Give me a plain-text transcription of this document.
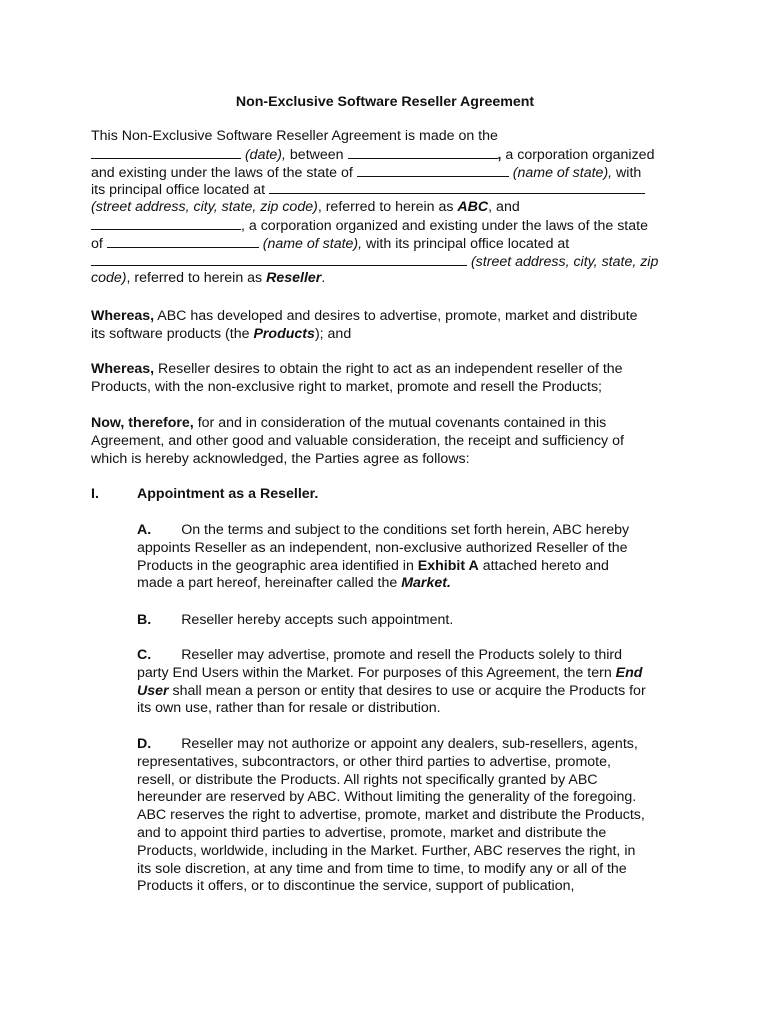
Non-Exclusive Software Reseller Agreement
This Non-Exclusive Software Reseller Agreement is made on the
(date), between	, a corporation organized
and existing under the laws of the state of	(name of state), with
its principal office located at
(street address, city, state, zip code), referred to herein as ABC, and
, a corporation organized and existing under the laws of the state
of	(name of state), with its principal office located at
(street address, city, state, zip
code), referred to herein as Reseller.
Whereas, ABC has developed and desires to advertise, promote, market and distribute
its software products (the Products); and
Whereas, Reseller desires to obtain the right to act as an independent reseller of the
Products, with the non-exclusive right to market, promote and resell the Products;
Now, therefore, for and in consideration of the mutual covenants contained in this
Agreement, and other good and valuable consideration, the receipt and sufficiency of
which is hereby acknowledged, the Parties agree as follows:
I.	Appointment as a Reseller.
A. On the terms and subject to the conditions set forth herein, ABC hereby
appoints Reseller as an independent, non-exclusive authorized Reseller of the
Products in the geographic area identified in Exhibit A attached hereto and
made a part hereof, hereinafter called the Market.
B. Reseller hereby accepts such appointment.
C. Reseller may advertise, promote and resell the Products solely to third
party End Users within the Market. For purposes of this Agreement, the tern End
User shall mean a person or entity that desires to use or acquire the Products for
its own use, rather than for resale or distribution.
D. Reseller may not authorize or appoint any dealers, sub-resellers, agents,
representatives, subcontractors, or other third parties to advertise, promote,
resell, or distribute the Products. All rights not specifically granted by ABC
hereunder are reserved by ABC. Without limiting the generality of the foregoing.
ABC reserves the right to advertise, promote, market and distribute the Products,
and to appoint third parties to advertise, promote, market and distribute the
Products, worldwide, including in the Market. Further, ABC reserves the right, in
its sole discretion, at any time and from time to time, to modify any or all of the
Products it offers, or to discontinue the service, support of publication,
